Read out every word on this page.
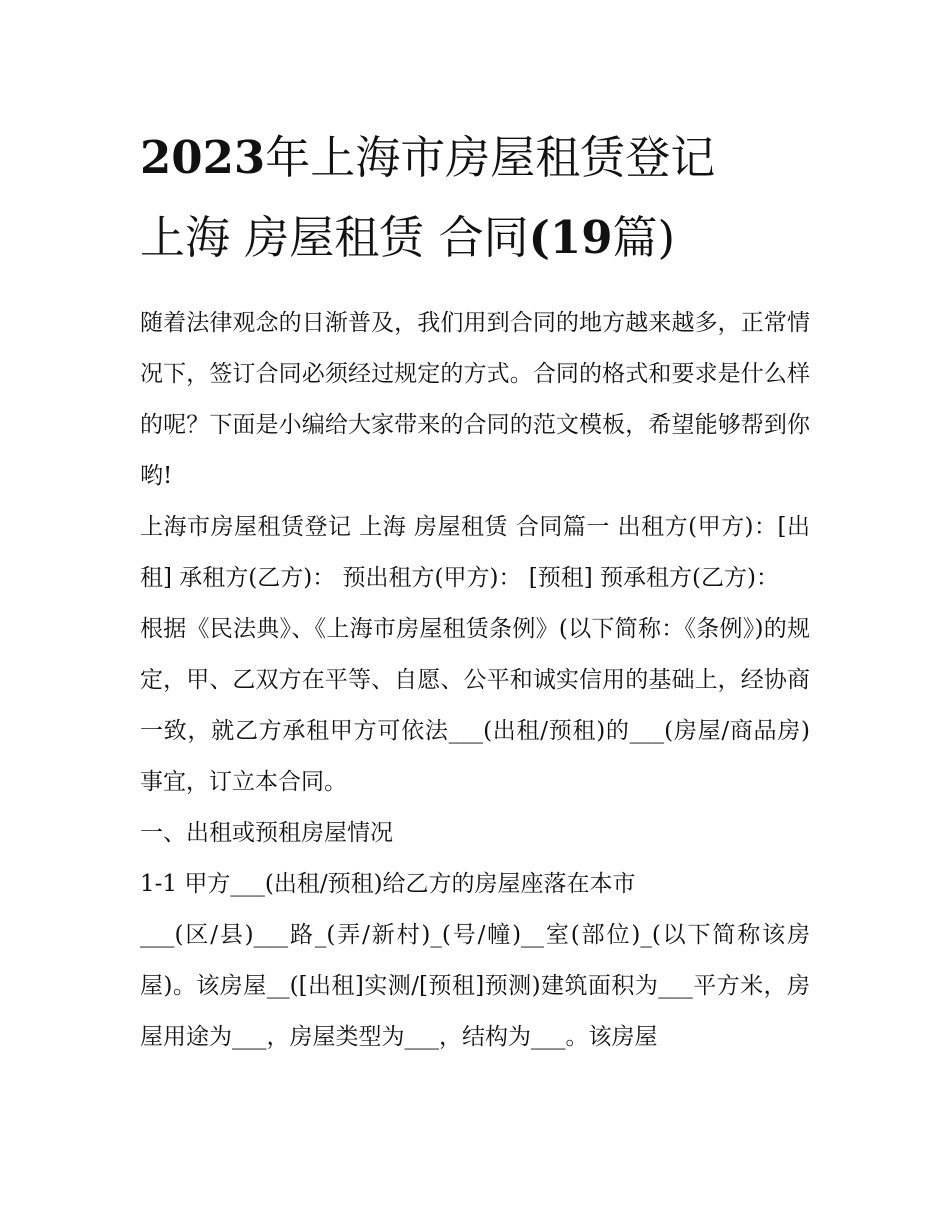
2023年上海市房屋租赁登记
上海 房屋租赁 合同(19篇)

随着法律观念的日渐普及，我们用到合同的地方越来越多，正常情况下，签订合同必须经过规定的方式。合同的格式和要求是什么样的呢？下面是小编给大家带来的合同的范文模板，希望能够帮到你哟!

上海市房屋租赁登记 上海 房屋租赁 合同篇一 出租方(甲方)：[出租] 承租方(乙方)： 预出租方(甲方)： [预租] 预承租方(乙方)：

根据《民法典》、《上海市房屋租赁条例》(以下简称：《条例》)的规定，甲、乙双方在平等、自愿、公平和诚实信用的基础上，经协商一致，就乙方承租甲方可依法___(出租/预租)的___(房屋/商品房)事宜，订立本合同。

一、出租或预租房屋情况

1-1 甲方___(出租/预租)给乙方的房屋座落在本市

___(区/县)___路_(弄/新村)_(号/幢)__室(部位)_(以下简称该房屋)。该房屋__([出租]实测/[预租]预测)建筑面积为___平方米，房屋用途为___，房屋类型为___，结构为___。该房屋
